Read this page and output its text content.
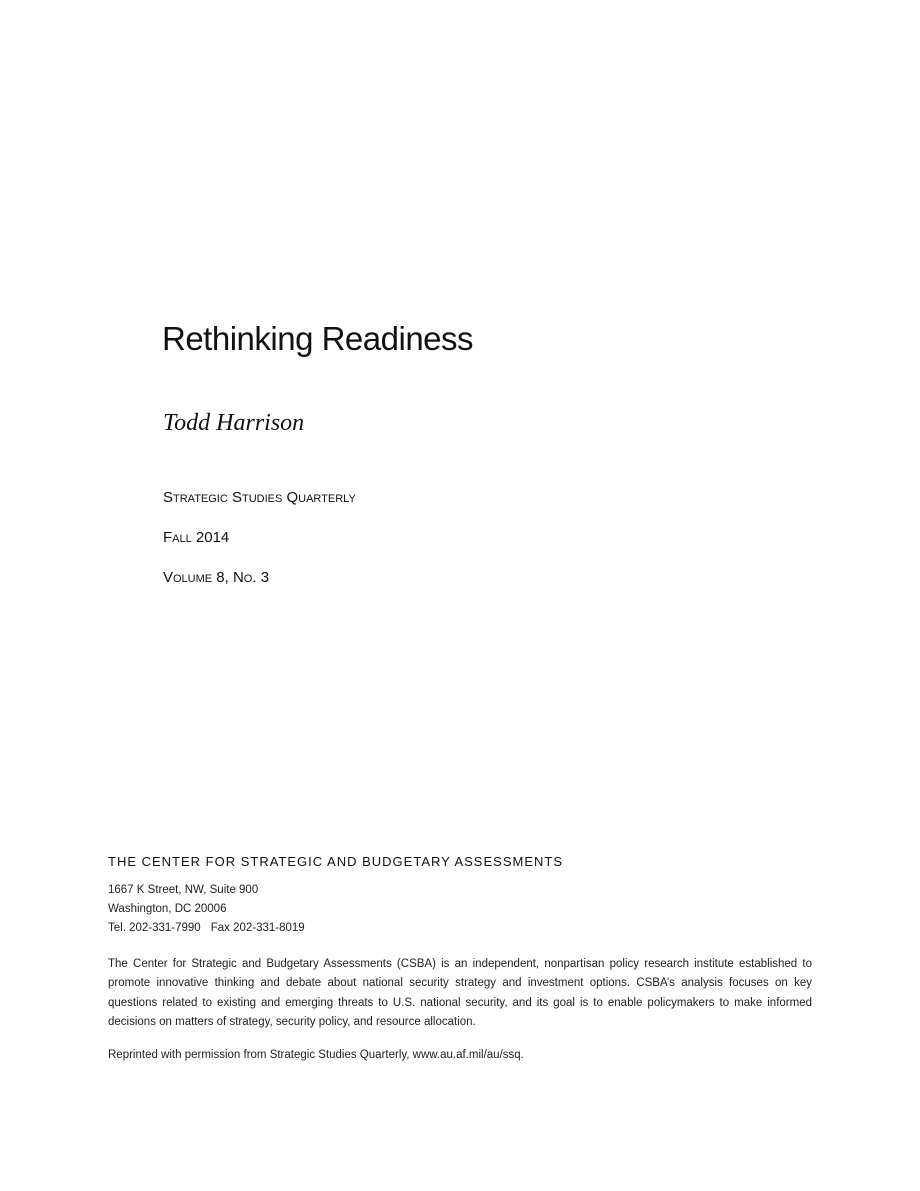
Rethinking Readiness
Todd Harrison
Strategic Studies Quarterly
Fall 2014
Volume 8, No. 3
THE CENTER FOR STRATEGIC AND BUDGETARY ASSESSMENTS
1667 K Street, NW, Suite 900
Washington, DC 20006
Tel. 202-331-7990 Fax 202-331-8019

The Center for Strategic and Budgetary Assessments (CSBA) is an independent, nonpartisan policy research institute established to promote innovative thinking and debate about national security strategy and investment options. CSBA’s analysis focuses on key questions related to existing and emerging threats to U.S. national security, and its goal is to enable policymakers to make informed decisions on matters of strategy, security policy, and resource allocation.

Reprinted with permission from Strategic Studies Quarterly, www.au.af.mil/au/ssq.
